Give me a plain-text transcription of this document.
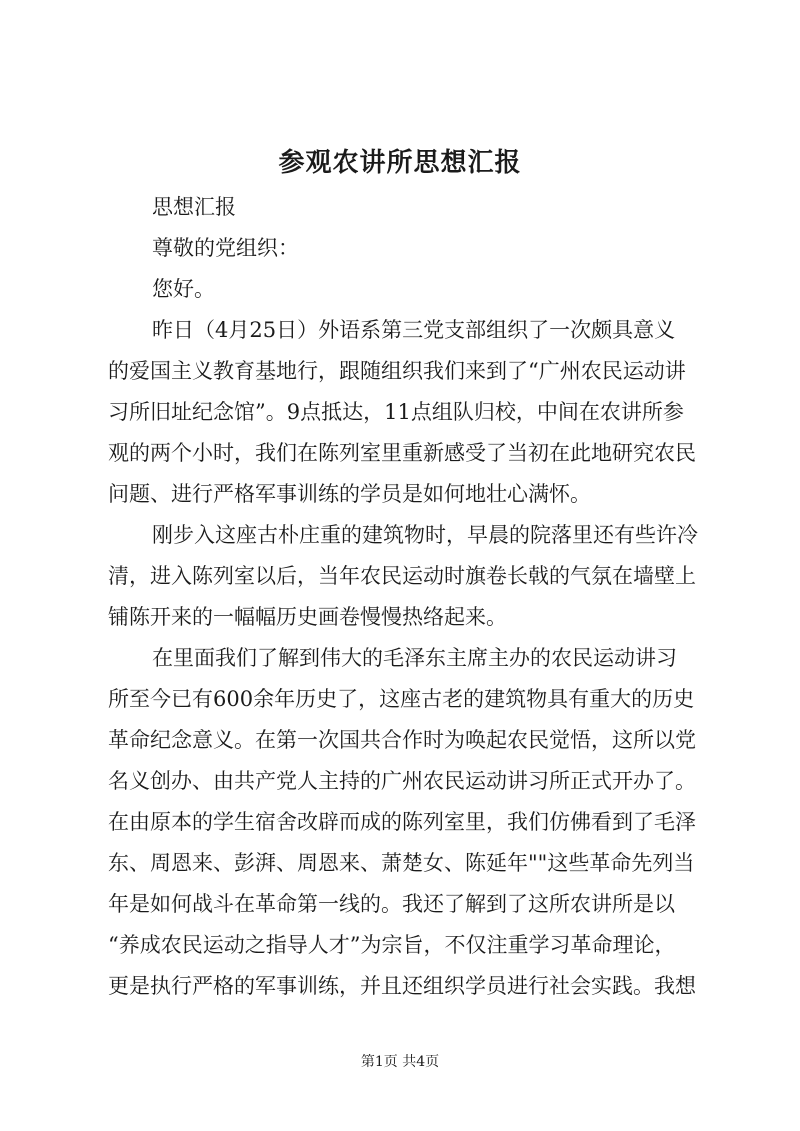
参观农讲所思想汇报

思想汇报

尊敬的党组织：

您好。

昨日（4月25日）外语系第三党支部组织了一次颇具意义

的爱国主义教育基地行，跟随组织我们来到了“广州农民运动讲

习所旧址纪念馆”。9点抵达，11点组队归校，中间在农讲所参

观的两个小时，我们在陈列室里重新感受了当初在此地研究农民

问题、进行严格军事训练的学员是如何地壮心满怀。

刚步入这座古朴庄重的建筑物时，早晨的院落里还有些许冷

清，进入陈列室以后，当年农民运动时旗卷长戟的气氛在墙壁上

铺陈开来的一幅幅历史画卷慢慢热络起来。

在里面我们了解到伟大的毛泽东主席主办的农民运动讲习

所至今已有600余年历史了，这座古老的建筑物具有重大的历史

革命纪念意义。在第一次国共合作时为唤起农民觉悟，这所以党

名义创办、由共产党人主持的广州农民运动讲习所正式开办了。

在由原本的学生宿舍改辟而成的陈列室里，我们仿佛看到了毛泽

东、周恩来、彭湃、周恩来、萧楚女、陈延年""这些革命先列当

年是如何战斗在革命第一线的。我还了解到了这所农讲所是以

“养成农民运动之指导人才”为宗旨，不仅注重学习革命理论，

更是执行严格的军事训练，并且还组织学员进行社会实践。我想

第1页 共4页
